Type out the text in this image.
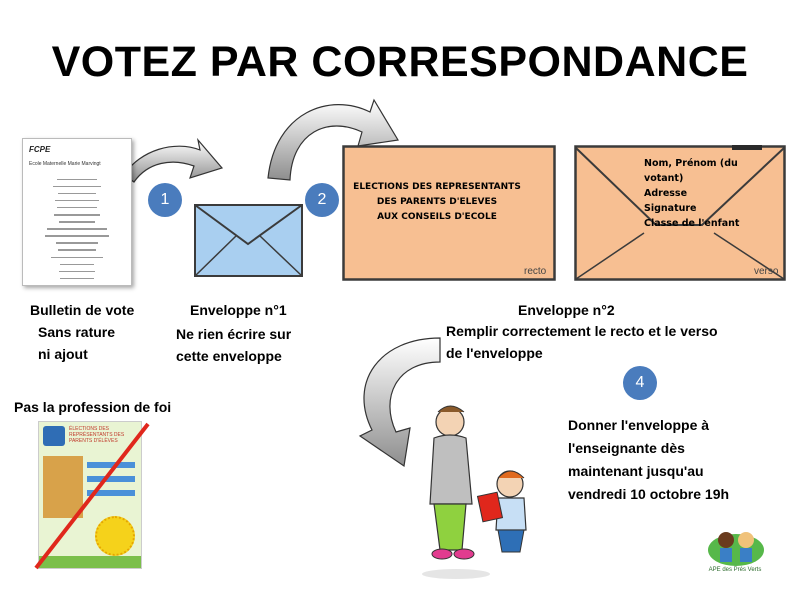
VOTEZ PAR CORRESPONDANCE
FCPE
Ecole Maternelle Marie Marvingt
1	2
4
ELECTIONS DES REPRESENTANTS
DES PARENTS D'ELEVES
AUX CONSEILS D'ECOLE
recto
Nom, Prénom (du votant)
Adresse
Signature
Classe de l'enfant
verso
Bulletin de vote	Enveloppe n°1	Enveloppe n°2
Sans rature
ni ajout
Ne rien écrire sur
cette enveloppe
Remplir correctement le recto et le verso
de l'enveloppe
Pas la profession de foi
ÉLECTIONS DES REPRÉSENTANTS DES PARENTS D'ÉLÈVES
Donner l'enveloppe à
l'enseignante dès
maintenant jusqu'au
vendredi 10 octobre 19h
APE des Prés Verts
